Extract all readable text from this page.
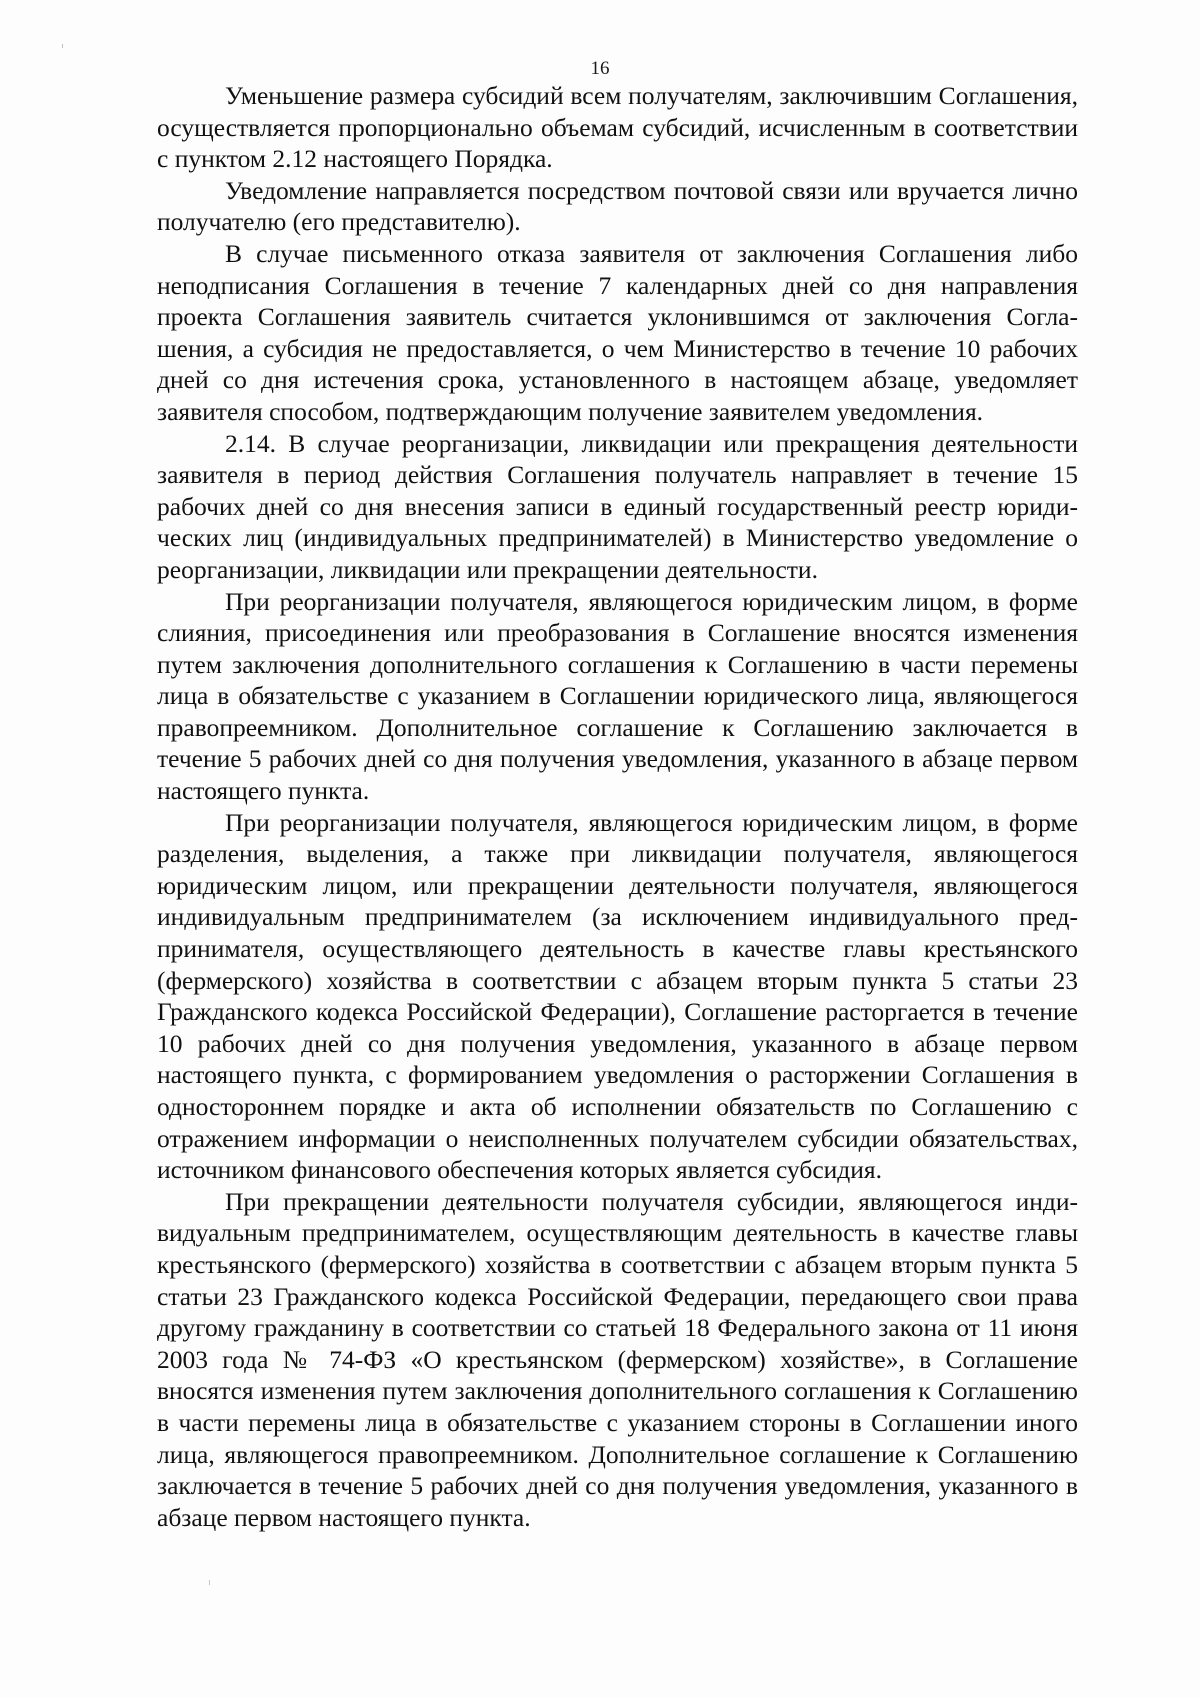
16

Уменьшение размера субсидий всем получателям, заключившим Соглашения, осуществляется пропорционально объемам субсидий, исчисленным в соответствии с пунктом 2.12 настоящего Порядка.

Уведомление направляется посредством почтовой связи или вручается лично получателю (его представителю).

В случае письменного отказа заявителя от заключения Соглашения либо неподписания Соглашения в течение 7 календарных дней со дня направления проекта Соглашения заявитель считается уклонившимся от заключения Соглашения, а субсидия не предоставляется, о чем Министерство в течение 10 рабочих дней со дня истечения срока, установленного в настоящем абзаце, уведомляет заявителя способом, подтверждающим получение заявителем уведомления.

2.14. В случае реорганизации, ликвидации или прекращения деятельности заявителя в период действия Соглашения получатель направляет в течение 15 рабочих дней со дня внесения записи в единый государственный реестр юридических лиц (индивидуальных предпринимателей) в Министерство уведомление о реорганизации, ликвидации или прекращении деятельности.

При реорганизации получателя, являющегося юридическим лицом, в форме слияния, присоединения или преобразования в Соглашение вносятся изменения путем заключения дополнительного соглашения к Соглашению в части перемены лица в обязательстве с указанием в Соглашении юридического лица, являющегося правопреемником. Дополнительное соглашение к Соглашению заключается в течение 5 рабочих дней со дня получения уведомления, указанного в абзаце первом настоящего пункта.

При реорганизации получателя, являющегося юридическим лицом, в форме разделения, выделения, а также при ликвидации получателя, являющегося юридическим лицом, или прекращении деятельности получателя, являющегося индивидуальным предпринимателем (за исключением индивидуального предпринимателя, осуществляющего деятельность в качестве главы крестьянского (фермерского) хозяйства в соответствии с абзацем вторым пункта 5 статьи 23 Гражданского кодекса Российской Федерации), Соглашение расторгается в течение 10 рабочих дней со дня получения уведомления, указанного в абзаце первом настоящего пункта, с формированием уведомления о расторжении Соглашения в одностороннем порядке и акта об исполнении обязательств по Соглашению с отражением информации о неисполненных получателем субсидии обязательствах, источником финансового обеспечения которых является субсидия.

При прекращении деятельности получателя субсидии, являющегося индивидуальным предпринимателем, осуществляющим деятельность в качестве главы крестьянского (фермерского) хозяйства в соответствии с абзацем вторым пункта 5 статьи 23 Гражданского кодекса Российской Федерации, передающего свои права другому гражданину в соответствии со статьей 18 Федерального закона от 11 июня 2003 года № 74-ФЗ «О крестьянском (фермерском) хозяйстве», в Соглашение вносятся изменения путем заключения дополнительного соглашения к Соглашению в части перемены лица в обязательстве с указанием стороны в Соглашении иного лица, являющегося правопреемником. Дополнительное соглашение к Соглашению заключается в течение 5 рабочих дней со дня получения уведомления, указанного в абзаце первом настоящего пункта.
